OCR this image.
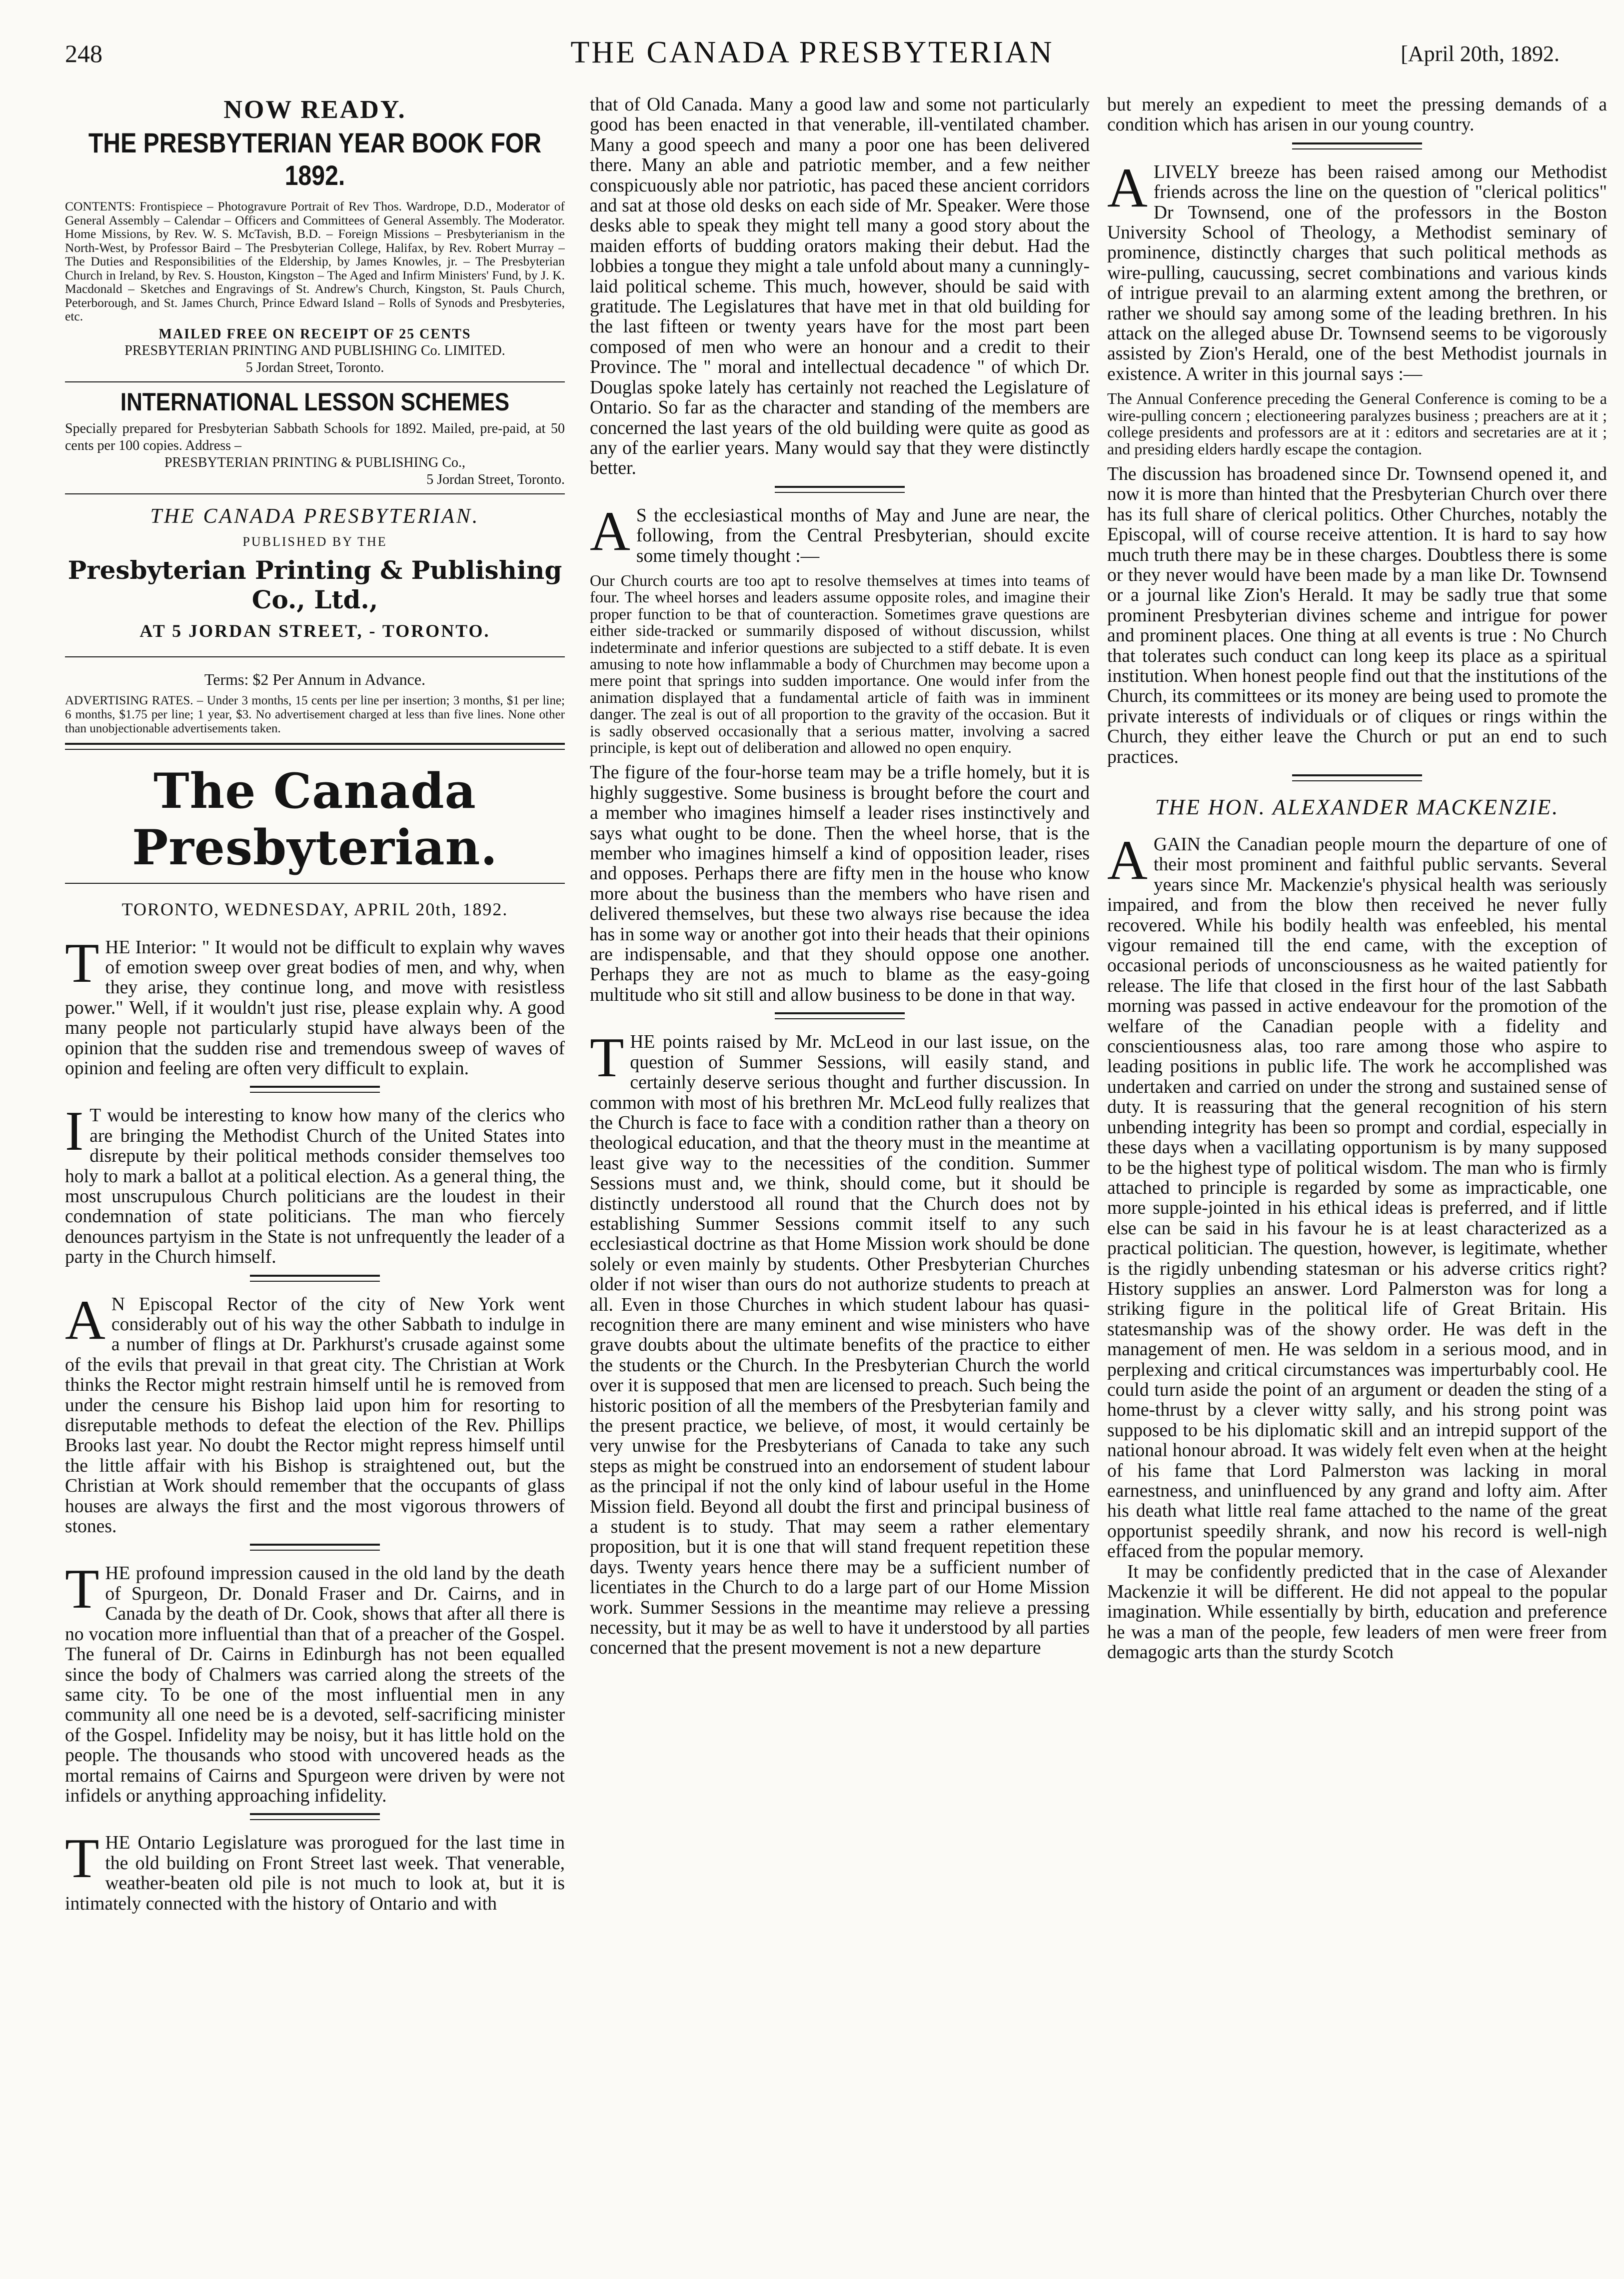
248	THE CANADA PRESBYTERIAN	[April 20th, 1892.
NOW READY.
THE PRESBYTERIAN YEAR BOOK FOR 1892.
CONTENTS: Frontispiece – Photogravure Portrait of Rev Thos. Wardrope, D.D., Moderator of General Assembly – Calendar – Officers and Committees of General Assembly. The Moderator. Home Missions, by Rev. W. S. McTavish, B.D. – Foreign Missions – Presbyterianism in the North-West, by Professor Baird – The Presbyterian College, Halifax, by Rev. Robert Murray – The Duties and Responsibilities of the Eldership, by James Knowles, jr. – The Presbyterian Church in Ireland, by Rev. S. Houston, Kingston – The Aged and Infirm Ministers' Fund, by J. K. Macdonald – Sketches and Engravings of St. Andrew's Church, Kingston, St. Pauls Church, Peterborough, and St. James Church, Prince Edward Island – Rolls of Synods and Presbyteries, etc.
MAILED FREE ON RECEIPT OF 25 CENTS
PRESBYTERIAN PRINTING AND PUBLISHING Co. LIMITED.
5 Jordan Street, Toronto.
INTERNATIONAL LESSON SCHEMES
Specially prepared for Presbyterian Sabbath Schools for 1892. Mailed, pre-paid, at 50 cents per 100 copies. Address –
PRESBYTERIAN PRINTING & PUBLISHING Co.,
5 Jordan Street, Toronto.
THE CANADA PRESBYTERIAN.
PUBLISHED BY THE
Presbyterian Printing & Publishing Co., Ltd.,
AT 5 JORDAN STREET, - TORONTO.
Terms: $2 Per Annum in Advance.
ADVERTISING RATES. – Under 3 months, 15 cents per line per insertion; 3 months, $1 per line; 6 months, $1.75 per line; 1 year, $3. No advertisement charged at less than five lines. None other than unobjectionable advertisements taken.
The Canada Presbyterian.
TORONTO, WEDNESDAY, APRIL 20th, 1892.

THE Interior: " It would not be difficult to explain why waves of emotion sweep over great bodies of men, and why, when they arise, they continue long, and move with resistless power." Well, if it wouldn't just rise, please explain why. A good many people not particularly stupid have always been of the opinion that the sudden rise and tremendous sweep of waves of opinion and feeling are often very difficult to explain.

IT would be interesting to know how many of the clerics who are bringing the Methodist Church of the United States into disrepute by their political methods consider themselves too holy to mark a ballot at a political election. As a general thing, the most unscrupulous Church politicians are the loudest in their condemnation of state politicians. The man who fiercely denounces partyism in the State is not unfrequently the leader of a party in the Church himself.

AN Episcopal Rector of the city of New York went considerably out of his way the other Sabbath to indulge in a number of flings at Dr. Parkhurst's crusade against some of the evils that prevail in that great city. The Christian at Work thinks the Rector might restrain himself until he is removed from under the censure his Bishop laid upon him for resorting to disreputable methods to defeat the election of the Rev. Phillips Brooks last year. No doubt the Rector might repress himself until the little affair with his Bishop is straightened out, but the Christian at Work should remember that the occupants of glass houses are always the first and the most vigorous throwers of stones.

THE profound impression caused in the old land by the death of Spurgeon, Dr. Donald Fraser and Dr. Cairns, and in Canada by the death of Dr. Cook, shows that after all there is no vocation more influential than that of a preacher of the Gospel. The funeral of Dr. Cairns in Edinburgh has not been equalled since the body of Chalmers was carried along the streets of the same city. To be one of the most influential men in any community all one need be is a devoted, self-sacrificing minister of the Gospel. Infidelity may be noisy, but it has little hold on the people. The thousands who stood with uncovered heads as the mortal remains of Cairns and Spurgeon were driven by were not infidels or anything approaching infidelity.

THE Ontario Legislature was prorogued for the last time in the old building on Front Street last week. That venerable, weather-beaten old pile is not much to look at, but it is intimately connected with the history of Ontario and with

that of Old Canada. Many a good law and some not particularly good has been enacted in that venerable, ill-ventilated chamber. Many a good speech and many a poor one has been delivered there. Many an able and patriotic member, and a few neither conspicuously able nor patriotic, has paced these ancient corridors and sat at those old desks on each side of Mr. Speaker. Were those desks able to speak they might tell many a good story about the maiden efforts of budding orators making their debut. Had the lobbies a tongue they might a tale unfold about many a cunningly-laid political scheme. This much, however, should be said with gratitude. The Legislatures that have met in that old building for the last fifteen or twenty years have for the most part been composed of men who were an honour and a credit to their Province. The " moral and intellectual decadence " of which Dr. Douglas spoke lately has certainly not reached the Legislature of Ontario. So far as the character and standing of the members are concerned the last years of the old building were quite as good as any of the earlier years. Many would say that they were distinctly better.

AS the ecclesiastical months of May and June are near, the following, from the Central Presbyterian, should excite some timely thought :—

Our Church courts are too apt to resolve themselves at times into teams of four. The wheel horses and leaders assume opposite roles, and imagine their proper function to be that of counteraction. Sometimes grave questions are either side-tracked or summarily disposed of without discussion, whilst indeterminate and inferior questions are subjected to a stiff debate. It is even amusing to note how inflammable a body of Churchmen may become upon a mere point that springs into sudden importance. One would infer from the animation displayed that a fundamental article of faith was in imminent danger. The zeal is out of all proportion to the gravity of the occasion. But it is sadly observed occasionally that a serious matter, involving a sacred principle, is kept out of deliberation and allowed no open enquiry.

The figure of the four-horse team may be a trifle homely, but it is highly suggestive. Some business is brought before the court and a member who imagines himself a leader rises instinctively and says what ought to be done. Then the wheel horse, that is the member who imagines himself a kind of opposition leader, rises and opposes. Perhaps there are fifty men in the house who know more about the business than the members who have risen and delivered themselves, but these two always rise because the idea has in some way or another got into their heads that their opinions are indispensable, and that they should oppose one another. Perhaps they are not as much to blame as the easy-going multitude who sit still and allow business to be done in that way.

THE points raised by Mr. McLeod in our last issue, on the question of Summer Sessions, will easily stand, and certainly deserve serious thought and further discussion. In common with most of his brethren Mr. McLeod fully realizes that the Church is face to face with a condition rather than a theory on theological education, and that the theory must in the meantime at least give way to the necessities of the condition. Summer Sessions must and, we think, should come, but it should be distinctly understood all round that the Church does not by establishing Summer Sessions commit itself to any such ecclesiastical doctrine as that Home Mission work should be done solely or even mainly by students. Other Presbyterian Churches older if not wiser than ours do not authorize students to preach at all. Even in those Churches in which student labour has quasi-recognition there are many eminent and wise ministers who have grave doubts about the ultimate benefits of the practice to either the students or the Church. In the Presbyterian Church the world over it is supposed that men are licensed to preach. Such being the historic position of all the members of the Presbyterian family and the present practice, we believe, of most, it would certainly be very unwise for the Presbyterians of Canada to take any such steps as might be construed into an endorsement of student labour as the principal if not the only kind of labour useful in the Home Mission field. Beyond all doubt the first and principal business of a student is to study. That may seem a rather elementary proposition, but it is one that will stand frequent repetition these days. Twenty years hence there may be a sufficient number of licentiates in the Church to do a large part of our Home Mission work. Summer Sessions in the meantime may relieve a pressing necessity, but it may be as well to have it understood by all parties concerned that the present movement is not a new departure

but merely an expedient to meet the pressing demands of a condition which has arisen in our young country.

ALIVELY breeze has been raised among our Methodist friends across the line on the question of "clerical politics" Dr Townsend, one of the professors in the Boston University School of Theology, a Methodist seminary of prominence, distinctly charges that such political methods as wire-pulling, caucussing, secret combinations and various kinds of intrigue prevail to an alarming extent among the brethren, or rather we should say among some of the leading brethren. In his attack on the alleged abuse Dr. Townsend seems to be vigorously assisted by Zion's Herald, one of the best Methodist journals in existence. A writer in this journal says :—

The Annual Conference preceding the General Conference is coming to be a wire-pulling concern ; electioneering paralyzes business ; preachers are at it ; college presidents and professors are at it : editors and secretaries are at it ; and presiding elders hardly escape the contagion.

The discussion has broadened since Dr. Townsend opened it, and now it is more than hinted that the Presbyterian Church over there has its full share of clerical politics. Other Churches, notably the Episcopal, will of course receive attention. It is hard to say how much truth there may be in these charges. Doubtless there is some or they never would have been made by a man like Dr. Townsend or a journal like Zion's Herald. It may be sadly true that some prominent Presbyterian divines scheme and intrigue for power and prominent places. One thing at all events is true : No Church that tolerates such conduct can long keep its place as a spiritual institution. When honest people find out that the institutions of the Church, its committees or its money are being used to promote the private interests of individuals or of cliques or rings within the Church, they either leave the Church or put an end to such practices.

THE HON. ALEXANDER MACKENZIE.

AGAIN the Canadian people mourn the departure of one of their most prominent and faithful public servants. Several years since Mr. Mackenzie's physical health was seriously impaired, and from the blow then received he never fully recovered. While his bodily health was enfeebled, his mental vigour remained till the end came, with the exception of occasional periods of unconsciousness as he waited patiently for release. The life that closed in the first hour of the last Sabbath morning was passed in active endeavour for the promotion of the welfare of the Canadian people with a fidelity and conscientiousness alas, too rare among those who aspire to leading positions in public life. The work he accomplished was undertaken and carried on under the strong and sustained sense of duty. It is reassuring that the general recognition of his stern unbending integrity has been so prompt and cordial, especially in these days when a vacillating opportunism is by many supposed to be the highest type of political wisdom. The man who is firmly attached to principle is regarded by some as impracticable, one more supple-jointed in his ethical ideas is preferred, and if little else can be said in his favour he is at least characterized as a practical politician. The question, however, is legitimate, whether is the rigidly unbending statesman or his adverse critics right? History supplies an answer. Lord Palmerston was for long a striking figure in the political life of Great Britain. His statesmanship was of the showy order. He was deft in the management of men. He was seldom in a serious mood, and in perplexing and critical circumstances was imperturbably cool. He could turn aside the point of an argument or deaden the sting of a home-thrust by a clever witty sally, and his strong point was supposed to be his diplomatic skill and an intrepid support of the national honour abroad. It was widely felt even when at the height of his fame that Lord Palmerston was lacking in moral earnestness, and uninfluenced by any grand and lofty aim. After his death what little real fame attached to the name of the great opportunist speedily shrank, and now his record is well-nigh effaced from the popular memory.

It may be confidently predicted that in the case of Alexander Mackenzie it will be different. He did not appeal to the popular imagination. While essentially by birth, education and preference he was a man of the people, few leaders of men were freer from demagogic arts than the sturdy Scotch
